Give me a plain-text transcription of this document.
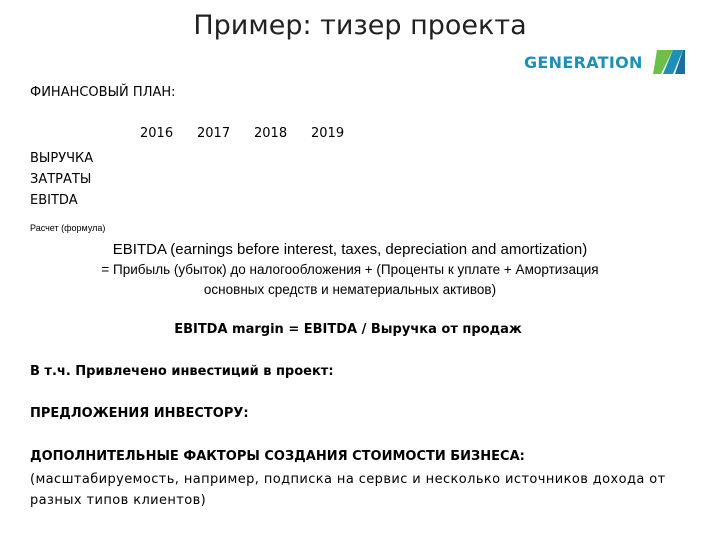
Пример: тизер проекта
GENERATION
ФИНАНСОВЫЙ ПЛАН:
2016	2017	2018	2019
ВЫРУЧКА
ЗАТРАТЫ
EBITDA
Расчет (формула)
EBITDA (earnings before interest, taxes, depreciation and amortization)
= Прибыль (убыток) до налогообложения + (Проценты к уплате + Амортизация
основных средств и нематериальных активов)
EBITDA margin = EBITDA / Выручка от продаж
В т.ч. Привлечено инвестиций в проект:
ПРЕДЛОЖЕНИЯ ИНВЕСТОРУ:
ДОПОЛНИТЕЛЬНЫЕ ФАКТОРЫ СОЗДАНИЯ СТОИМОСТИ БИЗНЕСА:
(масштабируемость, например, подписка на сервис и несколько источников дохода от разных типов клиентов)
